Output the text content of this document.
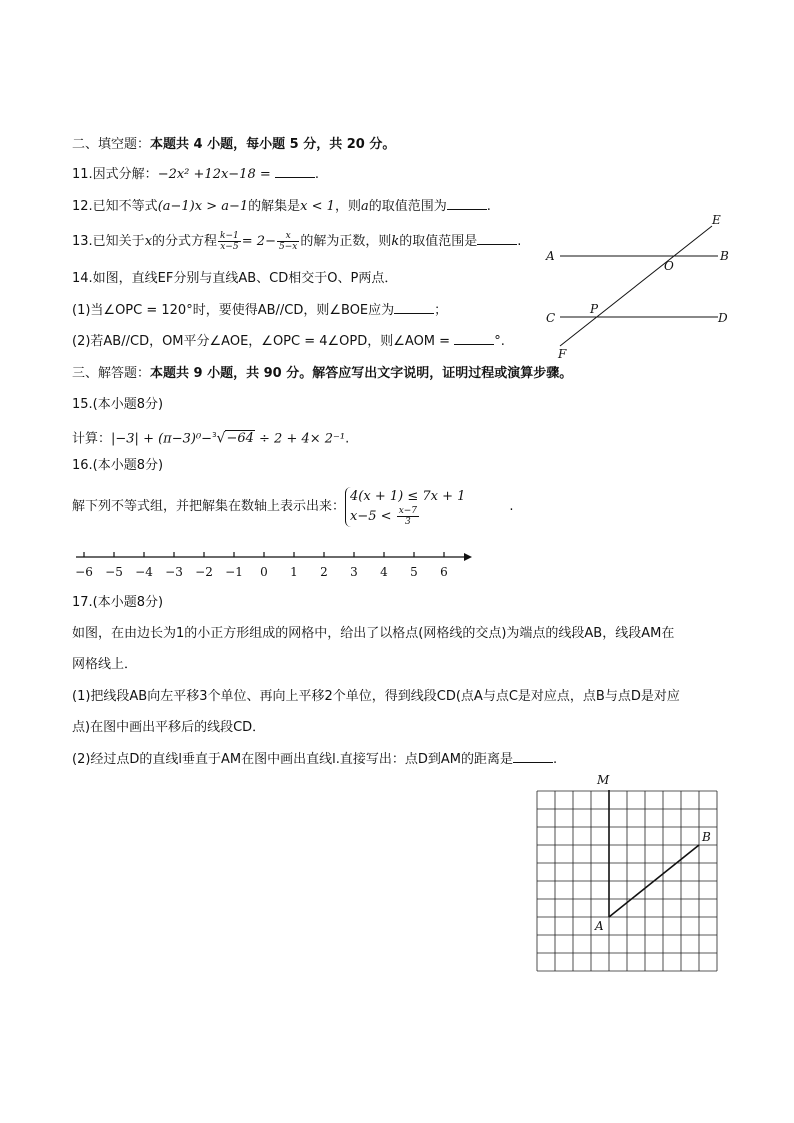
二、填空题：本题共 4 小题，每小题 5 分，共 20 分。
11.因式分解：−2x² +12x−18 =	.
12.已知不等式(a−1)x > a−1的解集是x < 1，则a的取值范围为	.
13.已知关于x的分式方程 $\frac{k-1}{x-5} = 2- \frac{x}{5-x}$ 的解为正数，则k的取值范围是	.
14.如图，直线EF分别与直线AB、CD相交于O、P两点．
(1)当∠OPC = 120°时，要使得AB//CD，则∠BOE应为	；
(2)若AB//CD，OM平分∠AOE，∠OPC = 4∠OPD，则∠AOM =	°.
A	B
C	D
E
F
O
P
三、解答题：本题共 9 小题，共 90 分。解答应写出文字说明，证明过程或演算步骤。
15.(本小题8分)
计算：|−3| + (π−3)⁰−$^3$√−64 ÷ 2 + 4× 2⁻¹.
16.(本小题8分)
解下列不等式组，并把解集在数轴上表示出来：
4(x + 1) ≤ 7x + 1
$x-5 < \frac{x-7}{3}$	.
−6 −5 −4 −3 −2 −1 0 1 2 3 4 5 6
17.(本小题8分)
如图，在由边长为1的小正方形组成的网格中，给出了以格点(网格线的交点)为端点的线段AB，线段AM在
网格线上．
(1)把线段AB向左平移3个单位、再向上平移2个单位，得到线段CD(点A与点C是对应点，点B与点D是对应
点)在图中画出平移后的线段CD．
(2)经过点D的直线l垂直于AM在图中画出直线l.直接写出：点D到AM的距离是	.
M
A
B
